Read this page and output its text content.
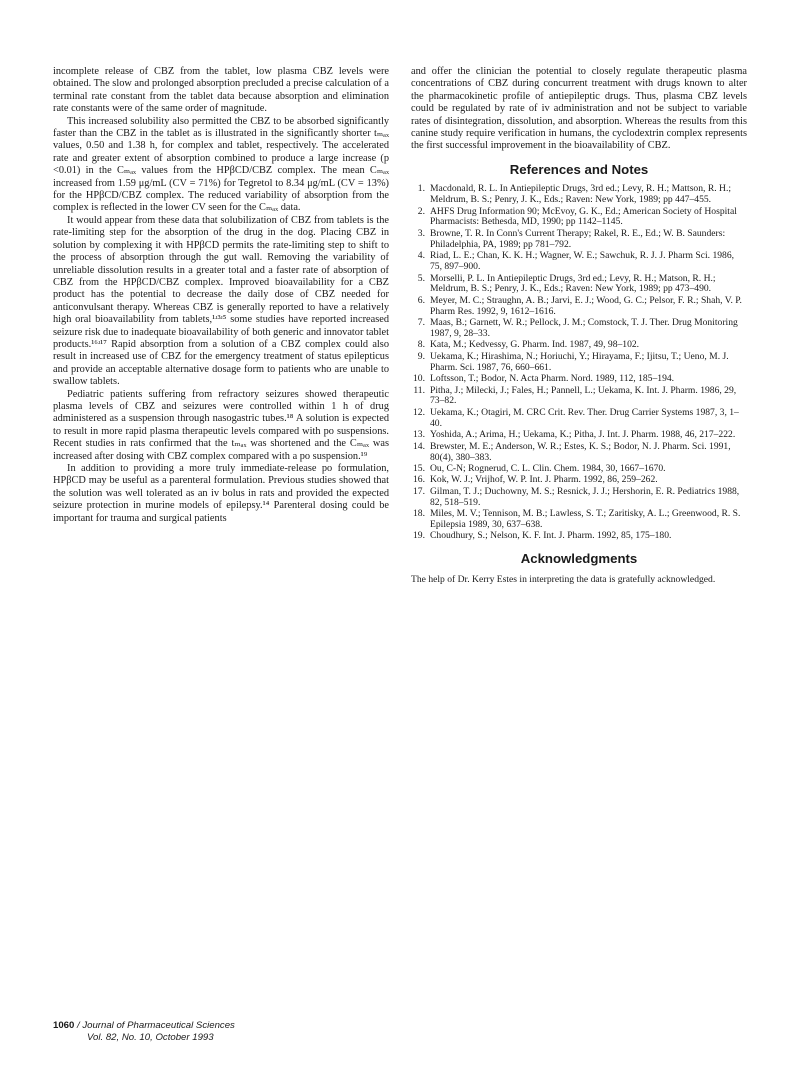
incomplete release of CBZ from the tablet, low plasma CBZ levels were obtained. The slow and prolonged absorption precluded a precise calculation of a terminal rate constant from the tablet data because absorption and elimination rate constants were of the same order of magnitude.

This increased solubility also permitted the CBZ to be absorbed significantly faster than the CBZ in the tablet as is illustrated in the significantly shorter tₘₐₓ values, 0.50 and 1.38 h, for complex and tablet, respectively. The accelerated rate and greater extent of absorption combined to produce a large increase (p <0.01) in the Cₘₐₓ values from the HPβCD/CBZ complex. The mean Cₘₐₓ increased from 1.59 μg/mL (CV = 71%) for Tegretol to 8.34 μg/mL (CV = 13%) for the HPβCD/CBZ complex. The reduced variability of absorption from the complex is reflected in the lower CV seen for the Cₘₐₓ data.

It would appear from these data that solubilization of CBZ from tablets is the rate-limiting step for the absorption of the drug in the dog. Placing CBZ in solution by complexing it with HPβCD permits the rate-limiting step to shift to the process of absorption through the gut wall. Removing the variability of unreliable dissolution results in a greater total and a faster rate of absorption of CBZ from the HPβCD/CBZ complex. Improved bioavailability for a CBZ product has the potential to decrease the daily dose of CBZ needed for anticonvulsant therapy. Whereas CBZ is generally reported to have a relatively high oral bioavailability from tablets,¹ʴ³ʴ⁵ some studies have reported increased seizure risk due to inadequate bioavailability of both generic and innovator tablet products.¹⁶ʴ¹⁷ Rapid absorption from a solution of a CBZ complex could also result in increased use of CBZ for the emergency treatment of status epilepticus and provide an acceptable alternative dosage form to patients who are unable to swallow tablets.

Pediatric patients suffering from refractory seizures showed therapeutic plasma levels of CBZ and seizures were controlled within 1 h of drug administered as a suspension through nasogastric tubes.¹⁸ A solution is expected to result in more rapid plasma therapeutic levels compared with po suspensions. Recent studies in rats confirmed that the tₘₐₓ was shortened and the Cₘₐₓ was increased after dosing with CBZ complex compared with a po suspension.¹⁹

In addition to providing a more truly immediate-release po formulation, HPβCD may be useful as a parenteral formulation. Previous studies showed that the solution was well tolerated as an iv bolus in rats and provided the expected seizure protection in murine models of epilepsy.¹⁴ Parenteral dosing could be important for trauma and surgical patients

and offer the clinician the potential to closely regulate therapeutic plasma concentrations of CBZ during concurrent treatment with drugs known to alter the pharmacokinetic profile of antiepileptic drugs. Thus, plasma CBZ levels could be regulated by rate of iv administration and not be subject to variable rates of disintegration, dissolution, and absorption. Whereas the results from this canine study require verification in humans, the cyclodextrin complex represents the first successful improvement in the bioavailability of CBZ.

References and Notes
1. Macdonald, R. L. In Antiepileptic Drugs, 3rd ed.; Levy, R. H.; Mattson, R. H.; Meldrum, B. S.; Penry, J. K., Eds.; Raven: New York, 1989; pp 447–455.
2. AHFS Drug Information 90; McEvoy, G. K., Ed.; American Society of Hospital Pharmacists: Bethesda, MD, 1990; pp 1142–1145.
3. Browne, T. R. In Conn's Current Therapy; Rakel, R. E., Ed.; W. B. Saunders: Philadelphia, PA, 1989; pp 781–792.
4. Riad, L. E.; Chan, K. K. H.; Wagner, W. E.; Sawchuk, R. J. J. Pharm Sci. 1986, 75, 897–900.
5. Morselli, P. L. In Antiepileptic Drugs, 3rd ed.; Levy, R. H.; Matson, R. H.; Meldrum, B. S.; Penry, J. K., Eds.; Raven: New York, 1989; pp 473–490.
6. Meyer, M. C.; Straughn, A. B.; Jarvi, E. J.; Wood, G. C.; Pelsor, F. R.; Shah, V. P. Pharm Res. 1992, 9, 1612–1616.
7. Maas, B.; Garnett, W. R.; Pellock, J. M.; Comstock, T. J. Ther. Drug Monitoring 1987, 9, 28–33.
8. Kata, M.; Kedvessy, G. Pharm. Ind. 1987, 49, 98–102.
9. Uekama, K.; Hirashima, N.; Horiuchi, Y.; Hirayama, F.; Ijitsu, T.; Ueno, M. J. Pharm. Sci. 1987, 76, 660–661.
10. Loftsson, T.; Bodor, N. Acta Pharm. Nord. 1989, 112, 185–194.
11. Pitha, J.; Milecki, J.; Fales, H.; Pannell, L.; Uekama, K. Int. J. Pharm. 1986, 29, 73–82.
12. Uekama, K.; Otagiri, M. CRC Crit. Rev. Ther. Drug Carrier Systems 1987, 3, 1–40.
13. Yoshida, A.; Arima, H.; Uekama, K.; Pitha, J. Int. J. Pharm. 1988, 46, 217–222.
14. Brewster, M. E.; Anderson, W. R.; Estes, K. S.; Bodor, N. J. Pharm. Sci. 1991, 80(4), 380–383.
15. Ou, C-N; Rognerud, C. L. Clin. Chem. 1984, 30, 1667–1670.
16. Kok, W. J.; Vrijhof, W. P. Int. J. Pharm. 1992, 86, 259–262.
17. Gilman, T. J.; Duchowny, M. S.; Resnick, J. J.; Hershorin, E. R. Pediatrics 1988, 82, 518–519.
18. Miles, M. V.; Tennison, M. B.; Lawless, S. T.; Zaritisky, A. L.; Greenwood, R. S. Epilepsia 1989, 30, 637–638.
19. Choudhury, S.; Nelson, K. F. Int. J. Pharm. 1992, 85, 175–180.
Acknowledgments

The help of Dr. Kerry Estes in interpreting the data is gratefully acknowledged.

1060 / Journal of Pharmaceutical Sciences
Vol. 82, No. 10, October 1993
